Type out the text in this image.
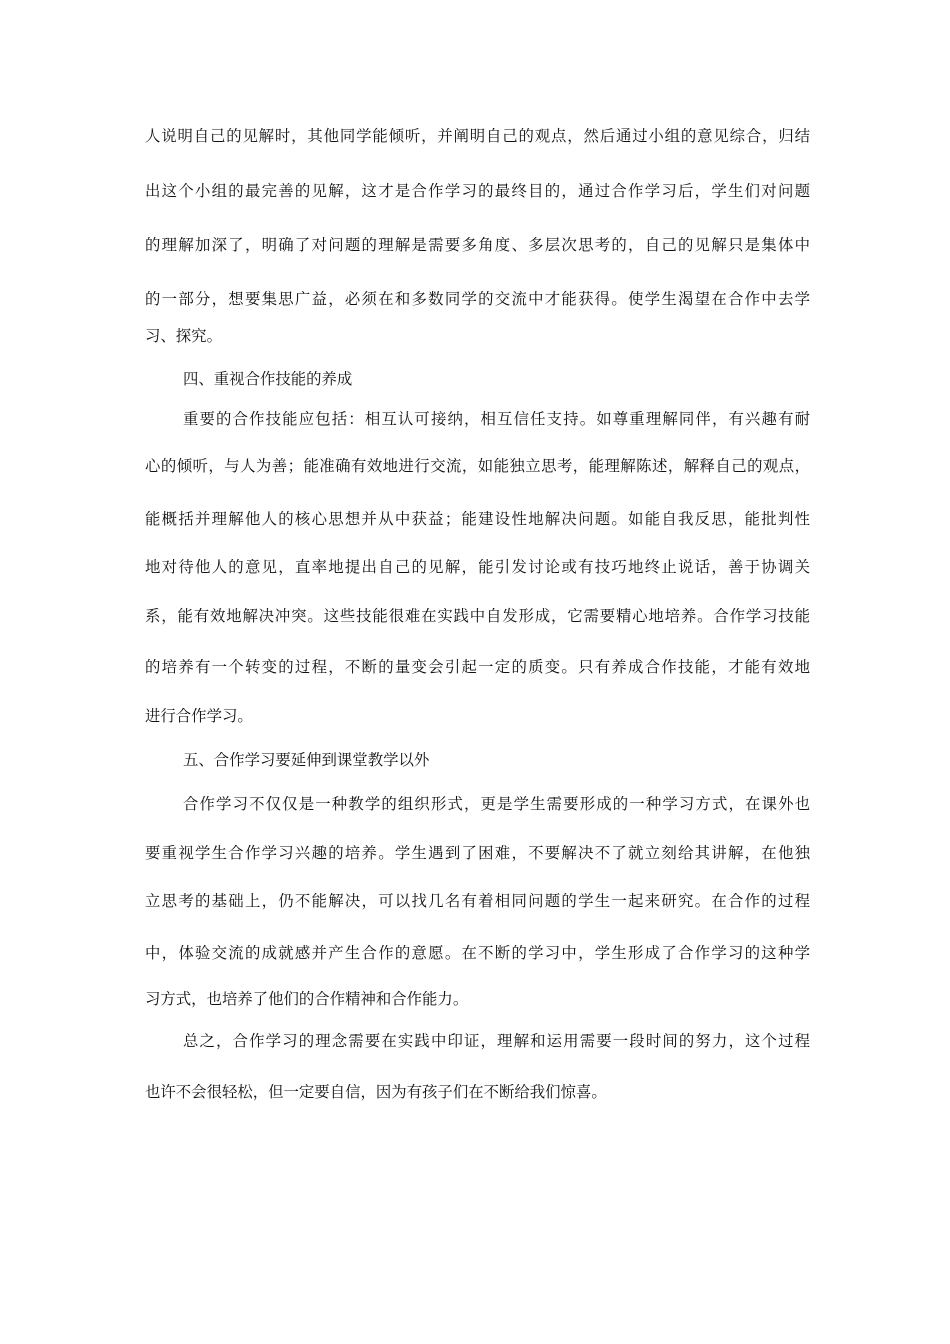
人说明自己的见解时，其他同学能倾听，并阐明自己的观点，然后通过小组的意见综合，归结
出这个小组的最完善的见解，这才是合作学习的最终目的，通过合作学习后，学生们对问题
的理解加深了，明确了对问题的理解是需要多角度、多层次思考的，自己的见解只是集体中
的一部分，想要集思广益，必须在和多数同学的交流中才能获得。使学生渴望在合作中去学
习、探究。
四、重视合作技能的养成
重要的合作技能应包括：相互认可接纳，相互信任支持。如尊重理解同伴，有兴趣有耐
心的倾听，与人为善；能准确有效地进行交流，如能独立思考，能理解陈述，解释自己的观点，
能概括并理解他人的核心思想并从中获益；能建设性地解决问题。如能自我反思，能批判性
地对待他人的意见，直率地提出自己的见解，能引发讨论或有技巧地终止说话，善于协调关
系，能有效地解决冲突。这些技能很难在实践中自发形成，它需要精心地培养。合作学习技能
的培养有一个转变的过程，不断的量变会引起一定的质变。只有养成合作技能，才能有效地
进行合作学习。
五、合作学习要延伸到课堂教学以外
合作学习不仅仅是一种教学的组织形式，更是学生需要形成的一种学习方式，在课外也
要重视学生合作学习兴趣的培养。学生遇到了困难，不要解决不了就立刻给其讲解，在他独
立思考的基础上，仍不能解决，可以找几名有着相同问题的学生一起来研究。在合作的过程
中，体验交流的成就感并产生合作的意愿。在不断的学习中，学生形成了合作学习的这种学
习方式，也培养了他们的合作精神和合作能力。
总之，合作学习的理念需要在实践中印证，理解和运用需要一段时间的努力，这个过程
也许不会很轻松，但一定要自信，因为有孩子们在不断给我们惊喜。
